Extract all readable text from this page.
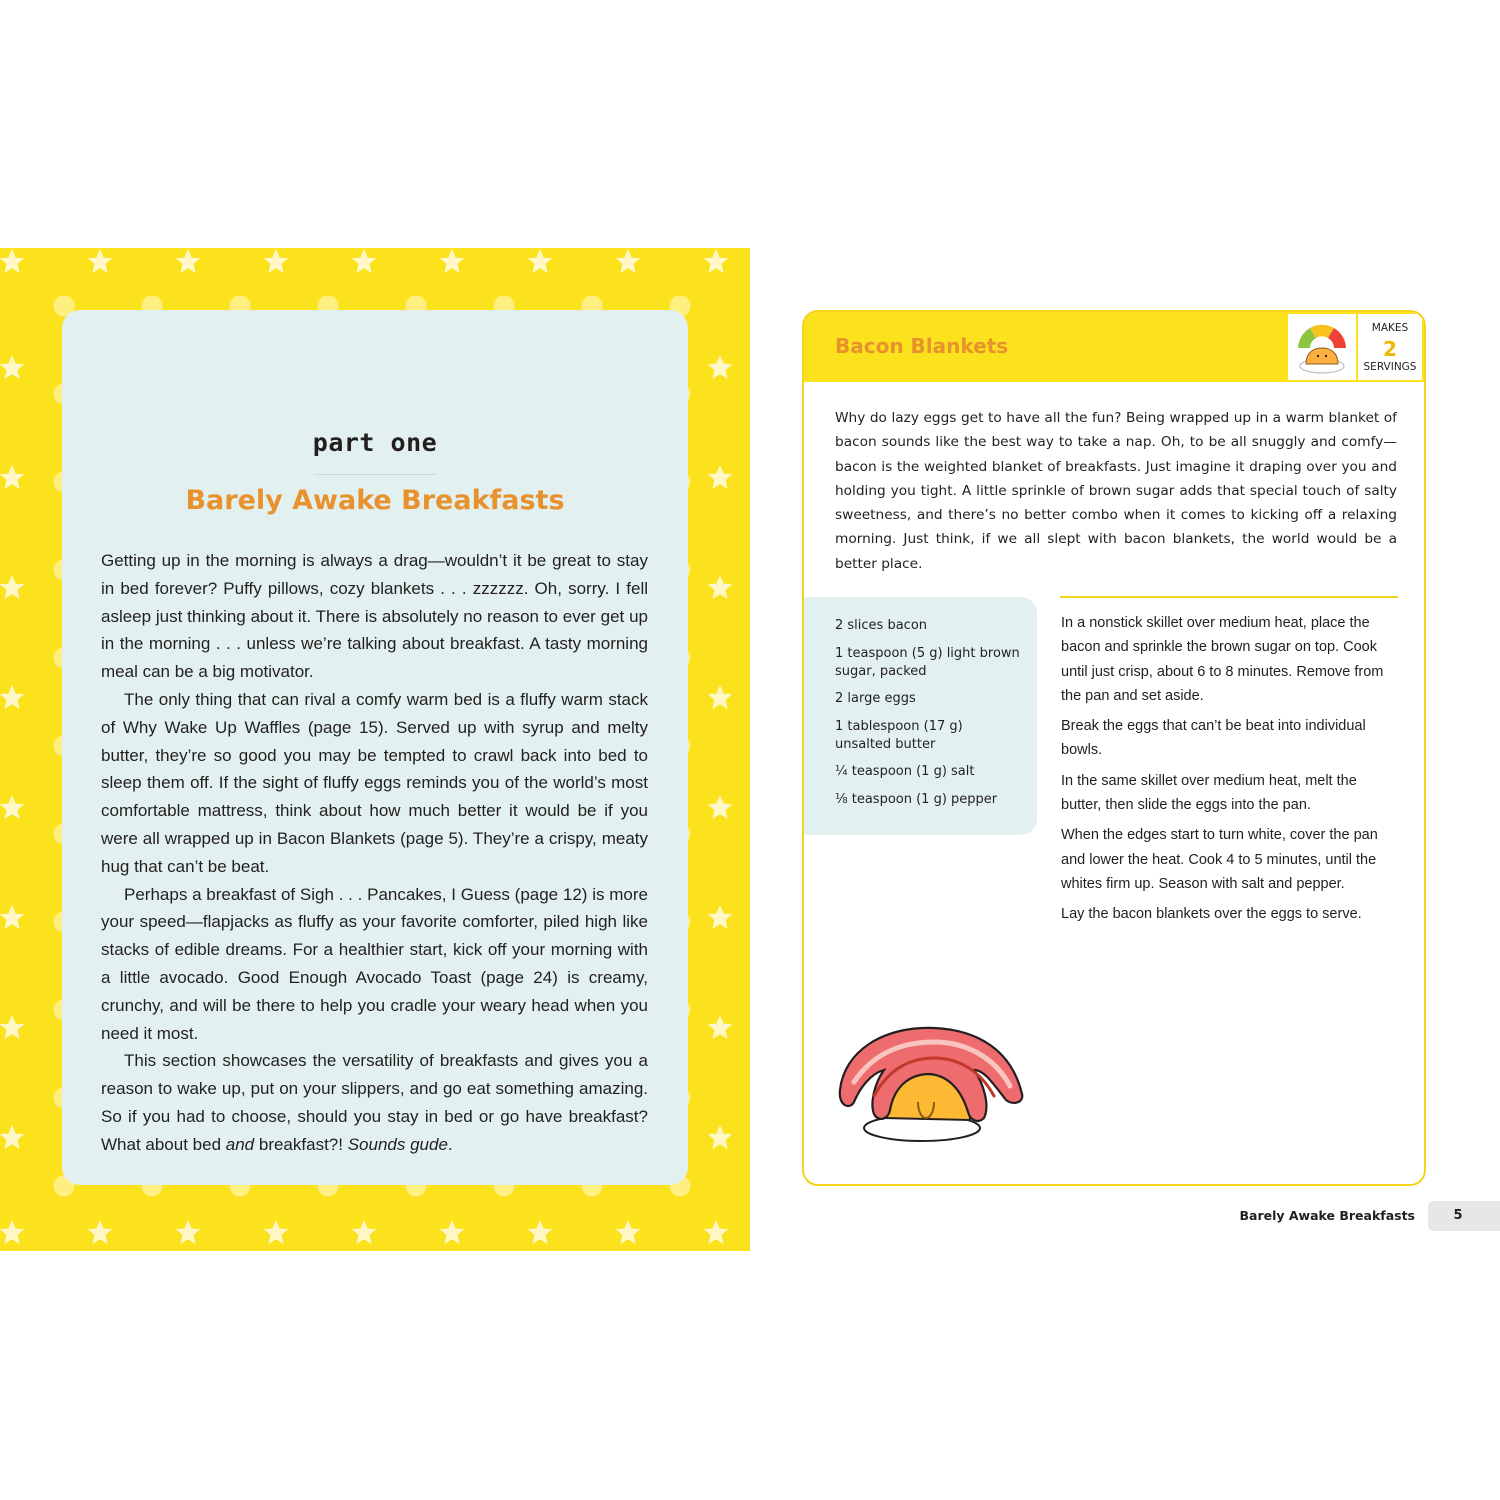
part one
Barely Awake Breakfasts

Getting up in the morning is always a drag—wouldn’t it be great to stay in bed forever? Puffy pillows, cozy blankets . . . zzzzzz. Oh, sorry. I fell asleep just thinking about it. There is absolutely no reason to ever get up in the morning . . . unless we’re talking about breakfast. A tasty morning meal can be a big motivator.

The only thing that can rival a comfy warm bed is a fluffy warm stack of Why Wake Up Waffles (page 15). Served up with syrup and melty butter, they’re so good you may be tempted to crawl back into bed to sleep them off. If the sight of fluffy eggs reminds you of the world’s most comfortable mattress, think about how much better it would be if you were all wrapped up in Bacon Blankets (page 5). They’re a crispy, meaty hug that can’t be beat.

Perhaps a breakfast of Sigh . . . Pancakes, I Guess (page 12) is more your speed—flapjacks as fluffy as your favorite comforter, piled high like stacks of edible dreams. For a healthier start, kick off your morning with a little avocado. Good Enough Avocado Toast (page 24) is creamy, crunchy, and will be there to help you cradle your weary head when you need it most.

This section showcases the versatility of breakfasts and gives you a reason to wake up, put on your slippers, and go eat something amazing. So if you had to choose, should you stay in bed or go have breakfast? What about bed and breakfast?! Sounds gude.

Bacon Blankets
MAKES
2
SERVINGS

Why do lazy eggs get to have all the fun? Being wrapped up in a warm blanket of bacon sounds like the best way to take a nap. Oh, to be all snuggly and comfy—bacon is the weighted blanket of breakfasts. Just imagine it draping over you and holding you tight. A little sprinkle of brown sugar adds that special touch of salty sweetness, and there’s no better combo when it comes to kicking off a relaxing morning. Just think, if we all slept with bacon blankets, the world would be a better place.

2 slices bacon
1 teaspoon (5 g) light brown sugar, packed
2 large eggs
1 tablespoon (17 g) unsalted butter
¼ teaspoon (1 g) salt
⅛ teaspoon (1 g) pepper

In a nonstick skillet over medium heat, place the bacon and sprinkle the brown sugar on top. Cook until just crisp, about 6 to 8 minutes. Remove from the pan and set aside.

Break the eggs that can’t be beat into individual bowls.

In the same skillet over medium heat, melt the butter, then slide the eggs into the pan.

When the edges start to turn white, cover the pan and lower the heat. Cook 4 to 5 minutes, until the whites firm up. Season with salt and pepper.

Lay the bacon blankets over the eggs to serve.

Barely Awake Breakfasts	5
